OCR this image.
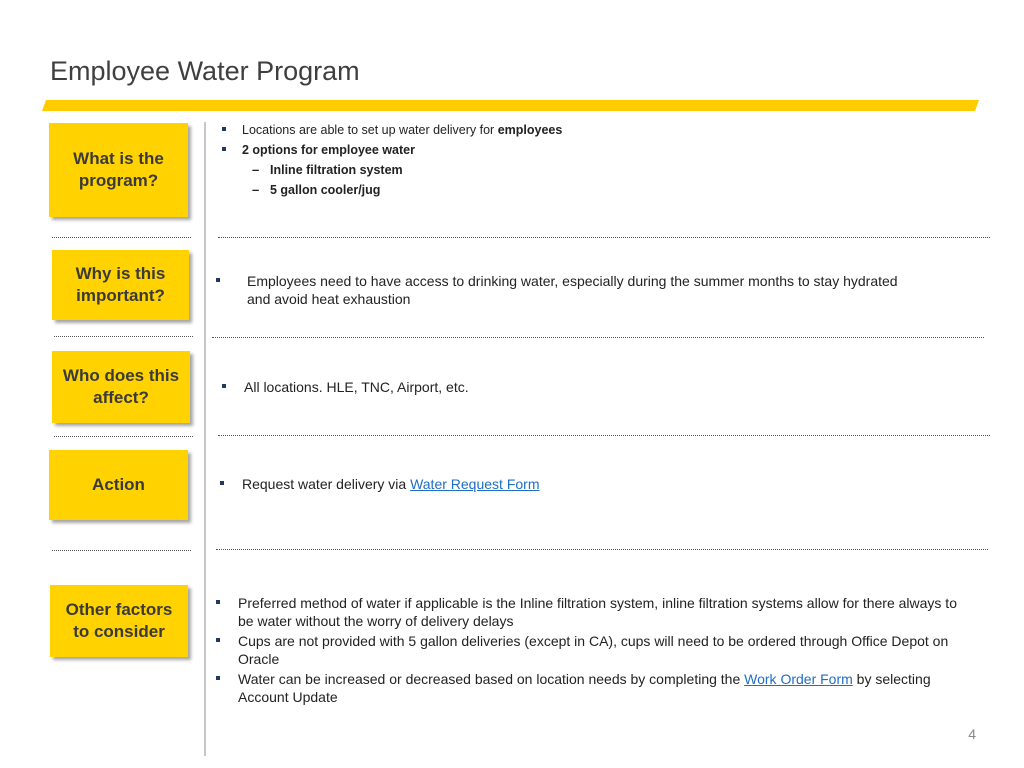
Employee Water Program
What is the program?
Locations are able to set up water delivery for employees
2 options for employee water
– Inline filtration system
– 5 gallon cooler/jug
Why is this important?
Employees need to have access to drinking water, especially during the summer months to stay hydrated and avoid heat exhaustion
Who does this affect?
All locations. HLE, TNC, Airport, etc.
Action	Request water delivery via Water Request Form
Other factors to consider
Preferred method of water if applicable is the Inline filtration system, inline filtration systems allow for there always to be water without the worry of delivery delays
Cups are not provided with 5 gallon deliveries (except in CA), cups will need to be ordered through Office Depot on Oracle
Water can be increased or decreased based on location needs by completing the Work Order Form by selecting Account Update
4
